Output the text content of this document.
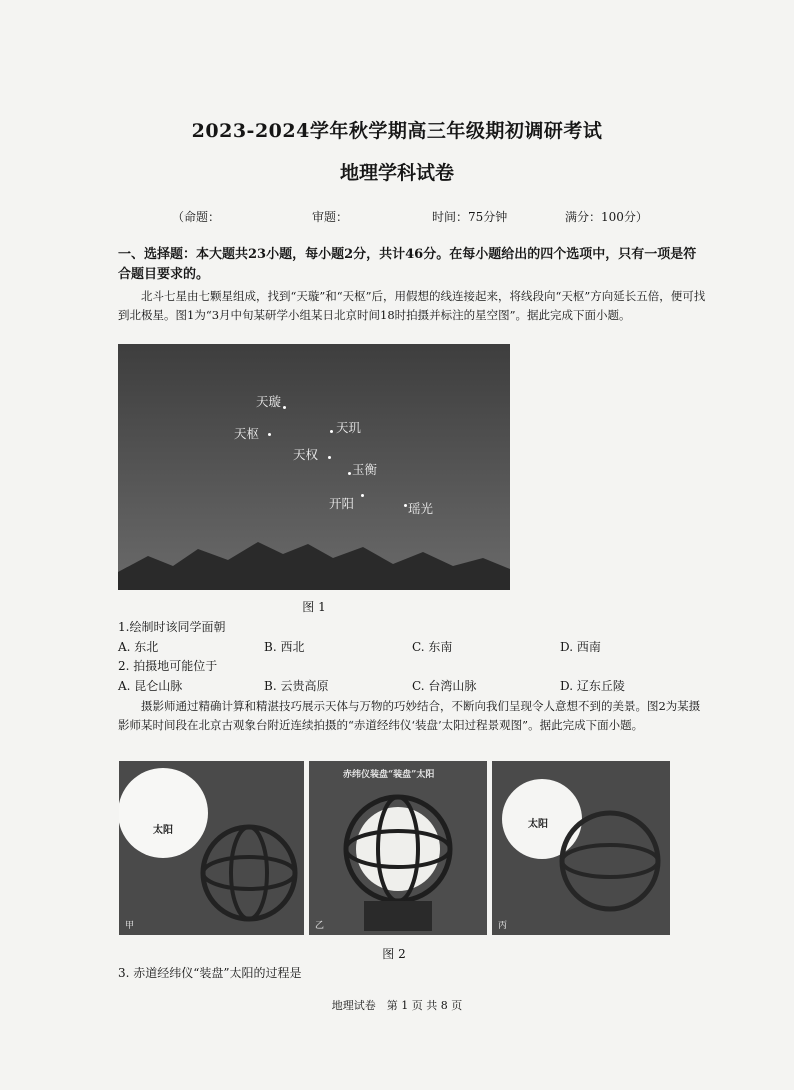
2023-2024学年秋学期高三年级期初调研考试
地理学科试卷
（命题：	审题：	时间：75分钟	满分：100分）
一、选择题：本大题共23小题，每小题2分，共计46分。在每小题给出的四个选项中，只有一项是符合题目要求的。
北斗七星由七颗星组成，找到“天璇”和“天枢”后，用假想的线连接起来，将线段向“天枢”方向延长五倍，便可找到北极星。图1为“3月中旬某研学小组某日北京时间18时拍摄并标注的星空图”。据此完成下面小题。
天璇
天枢	天玑
天权
玉衡
开阳	瑶光
图 1
1.绘制时该同学面朝
A. 东北	B. 西北	C. 东南	D. 西南
2. 拍摄地可能位于
A. 昆仑山脉	B. 云贵高原	C. 台湾山脉	D. 辽东丘陵
摄影师通过精确计算和精湛技巧展示天体与万物的巧妙结合，不断向我们呈现令人意想不到的美景。图2为某摄影师某时间段在北京古观象台附近连续拍摄的“赤道经纬仪‘装盘’太阳过程景观图”。据此完成下面小题。
太阳
甲
赤纬仪装盘“装盘”太阳
乙
太阳
丙
图 2
3. 赤道经纬仪“装盘”太阳的过程是
地理试卷　第 1 页 共 8 页
